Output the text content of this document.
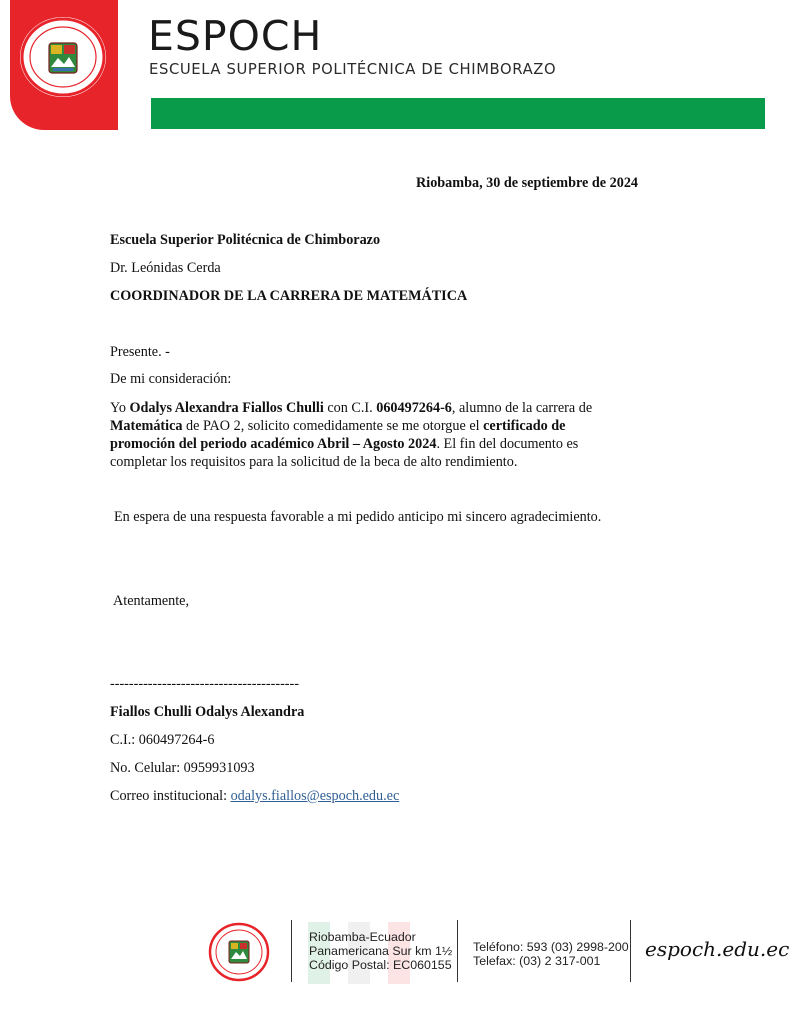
ESPOCH
ESCUELA SUPERIOR POLITÉCNICA DE CHIMBORAZO
Riobamba, 30 de septiembre de 2024
Escuela Superior Politécnica de Chimborazo
Dr. Leónidas Cerda
COORDINADOR DE LA CARRERA DE MATEMÁTICA
Presente. -
De mi consideración:
Yo Odalys Alexandra Fiallos Chulli con C.I. 060497264-6, alumno de la carrera de
Matemática de PAO 2, solicito comedidamente se me otorgue el certificado de
promoción del periodo académico Abril – Agosto 2024. El fin del documento es
completar los requisitos para la solicitud de la beca de alto rendimiento.
En espera de una respuesta favorable a mi pedido anticipo mi sincero agradecimiento.
Atentamente,
----------------------------------------
Fiallos Chulli Odalys Alexandra
C.I.: 060497264-6
No. Celular: 0959931093
Correo institucional: odalys.fiallos@espoch.edu.ec
Riobamba-Ecuador
Panamericana Sur km 1½
Código Postal: EC060155
Teléfono: 593 (03) 2998-200
Telefax: (03) 2 317-001	espoch.edu.ec
